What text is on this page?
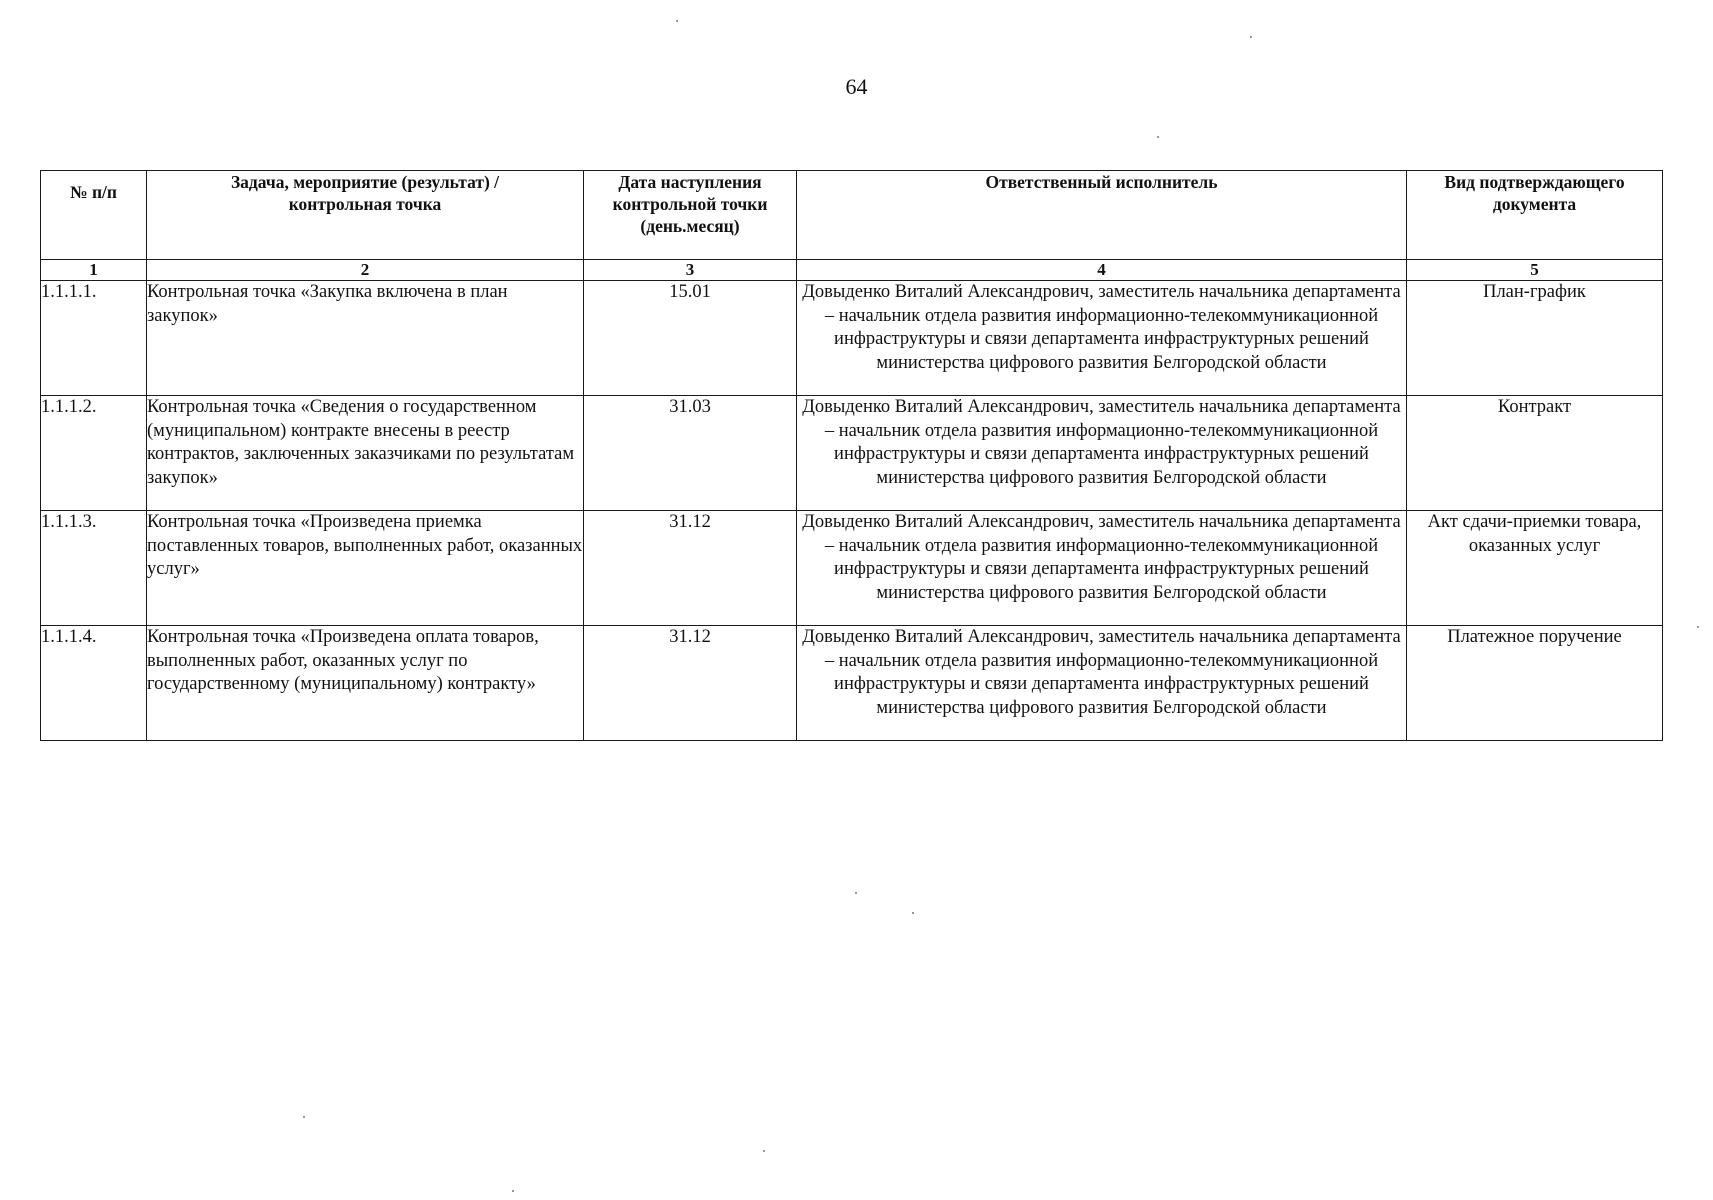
64
№ п/п	Задача, мероприятие (результат) / контрольная точка	Дата наступления контрольной точки (день.месяц)	Ответственный исполнитель	Вид подтверждающего документа
1	2	3	4	5
1.1.1.1.	Контрольная точка «Закупка включена в план закупок»	15.01	Довыденко Виталий Александрович, заместитель начальника департамента – начальник отдела развития информационно-телекоммуникационной инфраструктуры и связи департамента инфраструктурных решений министерства цифрового развития Белгородской области	План-график
1.1.1.2.	Контрольная точка «Сведения о государственном (муниципальном) контракте внесены в реестр контрактов, заключенных заказчиками по результатам закупок»	31.03	Довыденко Виталий Александрович, заместитель начальника департамента – начальник отдела развития информационно-телекоммуникационной инфраструктуры и связи департамента инфраструктурных решений министерства цифрового развития Белгородской области	Контракт
1.1.1.3.	Контрольная точка «Произведена приемка поставленных товаров, выполненных работ, оказанных услуг»	31.12	Довыденко Виталий Александрович, заместитель начальника департамента – начальник отдела развития информационно-телекоммуникационной инфраструктуры и связи департамента инфраструктурных решений министерства цифрового развития Белгородской области	Акт сдачи-приемки товара, оказанных услуг
1.1.1.4.	Контрольная точка «Произведена оплата товаров, выполненных работ, оказанных услуг по государственному (муниципальному) контракту»	31.12	Довыденко Виталий Александрович, заместитель начальника департамента – начальник отдела развития информационно-телекоммуникационной инфраструктуры и связи департамента инфраструктурных решений министерства цифрового развития Белгородской области	Платежное поручение
